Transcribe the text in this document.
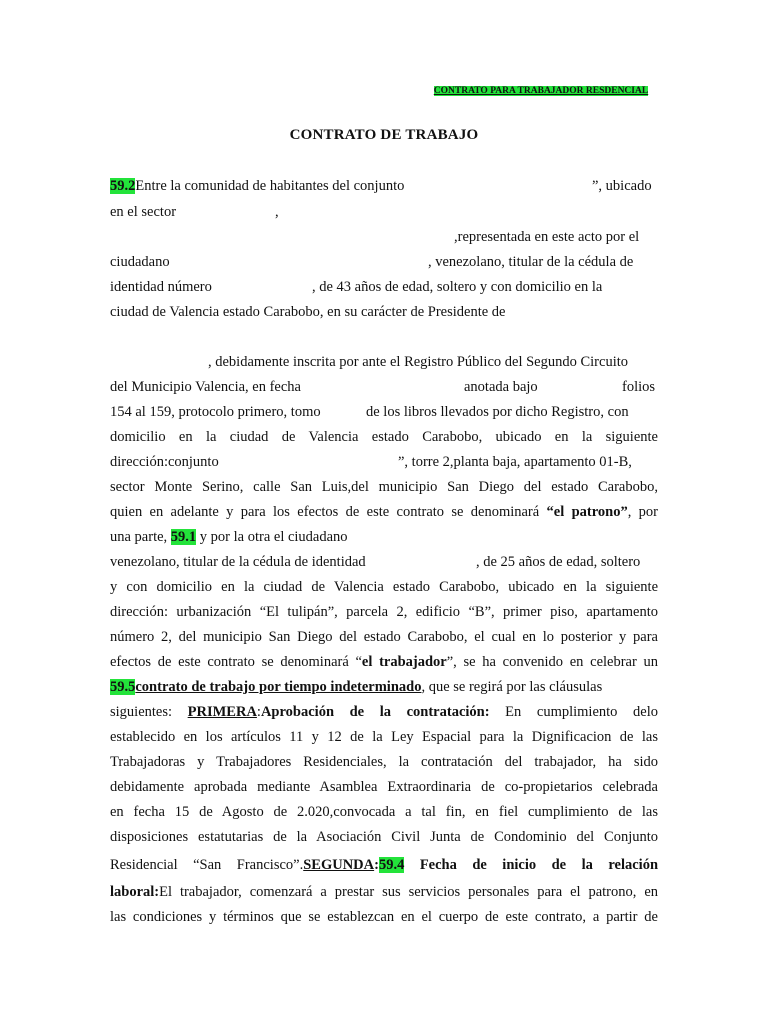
CONTRATO PARA TRABAJADOR RESDENCIAL
CONTRATO DE TRABAJO
59.2Entre la comunidad de habitantes del conjunto	”, ubicado
en el sector	,
,representada en este acto por el
ciudadano	, venezolano, titular de la cédula de
identidad número	, de 43 años de edad, soltero y con domicilio en la
ciudad de Valencia estado Carabobo, en su carácter de Presidente de
, debidamente inscrita por ante el Registro Público del Segundo Circuito
del Municipio Valencia, en fecha	anotada bajo	folios
154 al 159, protocolo primero, tomo	de los libros llevados por dicho Registro, con
domicilio en la ciudad de Valencia estado Carabobo, ubicado en la siguiente
dirección:conjunto	”, torre 2,planta baja, apartamento 01-B,
sector Monte Serino, calle San Luis,del municipio San Diego del estado Carabobo,
quien en adelante y para los efectos de este contrato se denominará “el patrono”, por
una parte, 59.1 y por la otra el ciudadano
venezolano, titular de la cédula de identidad	, de 25 años de edad, soltero
y con domicilio en la ciudad de Valencia estado Carabobo, ubicado en la siguiente
dirección: urbanización “El tulipán”, parcela 2, edificio “B”, primer piso, apartamento
número 2, del municipio San Diego del estado Carabobo, el cual en lo posterior y para
efectos de este contrato se denominará “el trabajador”, se ha convenido en celebrar un
59.5contrato de trabajo por tiempo indeterminado, que se regirá por las cláusulas
siguientes: PRIMERA:Aprobación de la contratación: En cumplimiento delo
establecido en los artículos 11 y 12 de la Ley Espacial para la Dignificacion de las
Trabajadoras y Trabajadores Residenciales, la contratación del trabajador, ha sido
debidamente aprobada mediante Asamblea Extraordinaria de co-propietarios celebrada
en fecha 15 de Agosto de 2.020,convocada a tal fin, en fiel cumplimiento de las
disposiciones estatutarias de la Asociación Civil Junta de Condominio del Conjunto
Residencial “San Francisco”.SEGUNDA:59.4 Fecha de inicio de la relación
laboral:El trabajador, comenzará a prestar sus servicios personales para el patrono, en
las condiciones y términos que se establezcan en el cuerpo de este contrato, a partir de
